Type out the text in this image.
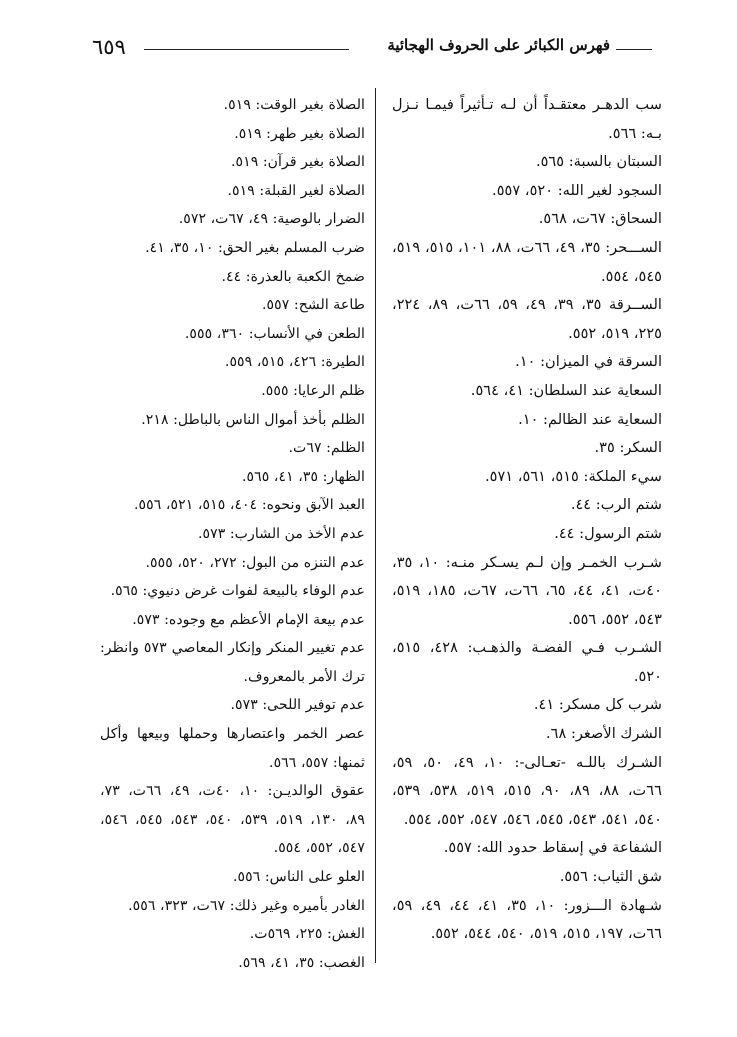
٦٥٩	فهرس الكبائر على الحروف الهجائية
سب الدهـر معتقـداً أن لـه تـأثيراً فيمـا نـزل بـه: ٥٦٦.
السبتان بالسبة: ٥٦٥.
السجود لغير الله: ٥٢٠، ٥٥٧.
السحاق: ٦٧ت، ٥٦٨.
الســـحر: ٣٥، ٤٩، ٦٦ت، ٨٨، ١٠١، ٥١٥، ٥١٩، ٥٤٥، ٥٥٤.
الســرقة ٣٥، ٣٩، ٤٩، ٥٩، ٦٦ت، ٨٩، ٢٢٤، ٢٢٥، ٥١٩، ٥٥٢.
السرقة في الميزان: ١٠.
السعاية عند السلطان: ٤١، ٥٦٤.
السعاية عند الظالم: ١٠.
السكر: ٣٥.
سيء الملكة: ٥١٥، ٥٦١، ٥٧١.
شتم الرب: ٤٤.
شتم الرسول: ٤٤.
شـرب الخمـر وإن لـم يسـكر منـه: ١٠، ٣٥، ٤٠ت، ٤١، ٤٤، ٦٥، ٦٦ت، ٦٧ت، ١٨٥، ٥١٩، ٥٤٣، ٥٥٢، ٥٥٦.
الشـرب فـي الفضـة والذهـب: ٤٢٨، ٥١٥، ٥٢٠.
شرب كل مسكر: ٤١.
الشرك الأصغر: ٦٨.
الشـرك باللـه -تعـالى-: ١٠، ٤٩، ٥٠، ٥٩، ٦٦ت، ٨٨، ٨٩، ٩٠، ٥١٥، ٥١٩، ٥٣٨، ٥٣٩، ٥٤٠، ٥٤١، ٥٤٣، ٥٤٥، ٥٤٦، ٥٤٧، ٥٥٢، ٥٥٤.
الشفاعة في إسقاط حدود الله: ٥٥٧.
شق الثياب: ٥٥٦.
شـهادة الـــزور: ١٠، ٣٥، ٤١، ٤٤، ٤٩، ٥٩، ٦٦ت، ١٩٧، ٥١٥، ٥١٩، ٥٤٠، ٥٤٤، ٥٥٢.
الصلاة بغير الوقت: ٥١٩.
الصلاة بغير طهر: ٥١٩.
الصلاة بغير قرآن: ٥١٩.
الصلاة لغير القبلة: ٥١٩.
الضرار بالوصية: ٤٩، ٦٧ت، ٥٧٢.
ضرب المسلم بغير الحق: ١٠، ٣٥، ٤١.
ضمخ الكعبة بالعذرة: ٤٤.
طاعة الشح: ٥٥٧.
الطعن في الأنساب: ٣٦٠، ٥٥٥.
الطيرة: ٤٢٦، ٥١٥، ٥٥٩.
ظلم الرعايا: ٥٥٥.
الظلم بأخذ أموال الناس بالباطل: ٢١٨.
الظلم: ٦٧ت.
الظهار: ٣٥، ٤١، ٥٦٥.
العبد الآبق ونحوه: ٤٠٤، ٥١٥، ٥٢١، ٥٥٦.
عدم الأخذ من الشارب: ٥٧٣.
عدم التنزه من البول: ٢٧٢، ٥٢٠، ٥٥٥.
عدم الوفاء بالبيعة لفوات غرض دنيوي: ٥٦٥.
عدم بيعة الإمام الأعظم مع وجوده: ٥٧٣.
عدم تغيير المنكر وإنكار المعاصي ٥٧٣ وانظر: ترك الأمر بالمعروف.
عدم توفير اللحى: ٥٧٣.
عصر الخمر واعتصارها وحملها وبيعها وأكل ثمنها: ٥٥٧، ٥٦٦.
عقوق الوالديـن: ١٠، ٤٠ت، ٤٩، ٦٦ت، ٧٣، ٨٩، ١٣٠، ٥١٩، ٥٣٩، ٥٤٠، ٥٤٣، ٥٤٥، ٥٤٦، ٥٤٧، ٥٥٢، ٥٥٤.
العلو على الناس: ٥٥٦.
الغادر بأميره وغير ذلك: ٦٧ت، ٣٢٣، ٥٥٦.
الغش: ٢٢٥، ٥٦٩ت.
الغصب: ٣٥، ٤١، ٥٦٩.
